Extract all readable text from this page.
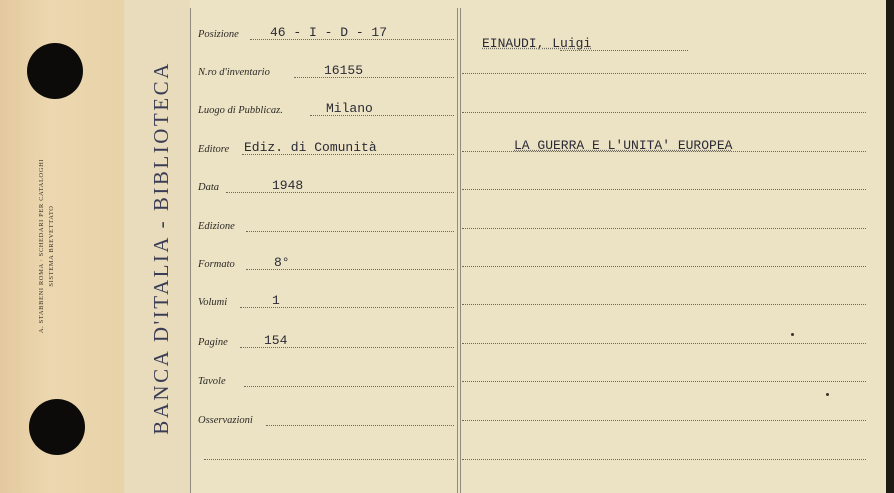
A. STABBENI ROMA · SCHEDARI PER CATALOGHI SISTEMA BREVETTATO	BANCA D'ITALIA - BIBLIOTECA
Posizione 46 - I - D - 17
N.ro d'inventario	16155
Luogo di Pubblicaz.	Milano
Editore Ediz. di Comunità
Data	1948
Edizione
Formato	8°
Volumi	1
Pagine	154
Tavole
Osservazioni
EINAUDI, Luigi
LA GUERRA E L'UNITA' EUROPEA
